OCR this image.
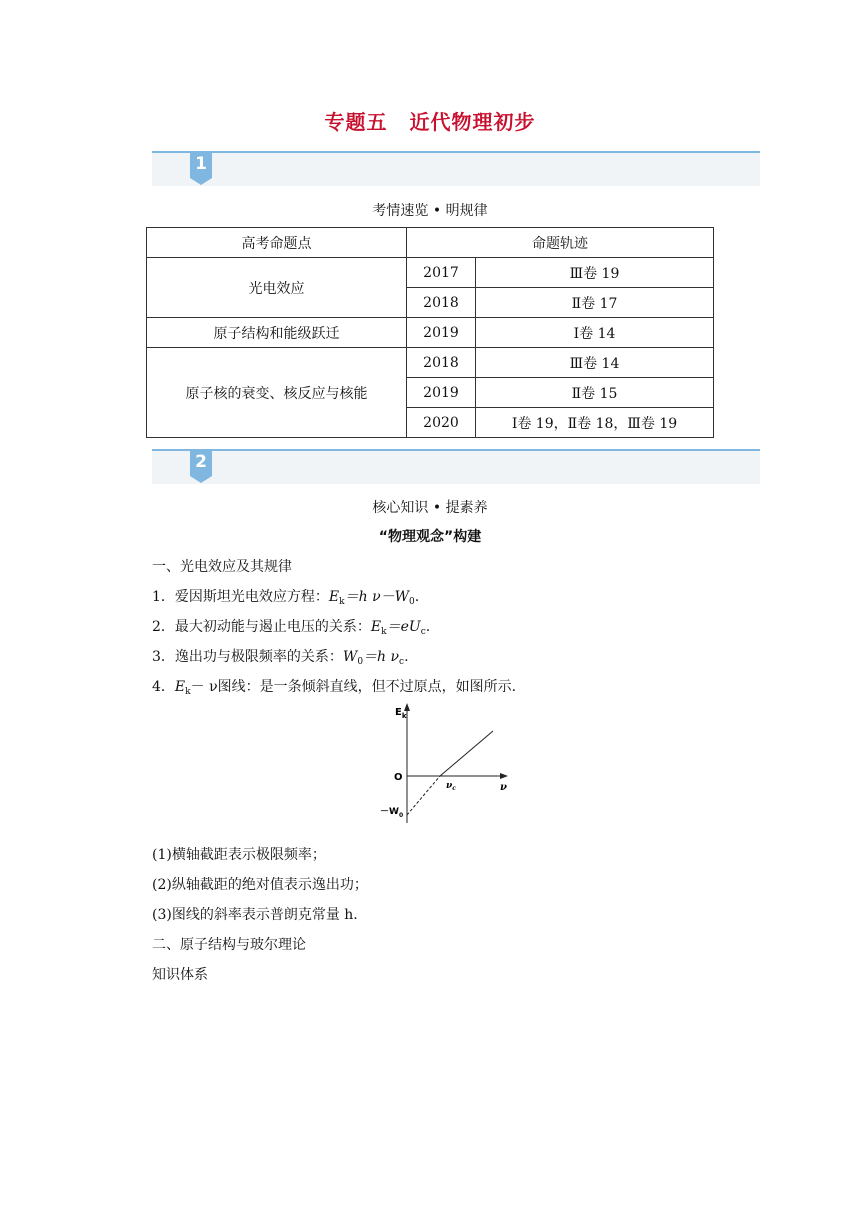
专题五 近代物理初步
1
考情速览 • 明规律
高考命题点	命题轨迹	
光电效应	2017	Ⅲ卷 19
	2018	Ⅱ卷 17
原子结构和能级跃迁	2019	Ⅰ卷 14
原子核的衰变、核反应与核能	2018	Ⅲ卷 14
	2019	Ⅱ卷 15
	2020	Ⅰ卷 19，Ⅱ卷 18，Ⅲ卷 19
2
核心知识 • 提素养
“物理观念”构建
一、光电效应及其规律
1．爱因斯坦光电效应方程：$E_k=h$ $\nu-W_0$.
2．最大初动能与遏止电压的关系：$E_k=eU_c$.
3．逸出功与极限频率的关系：$W_0=h$ $\nu_c$.
4．$E_k- \nu$图线：是一条倾斜直线，但不过原点，如图所示.
$E_k$
O
ν
$\nu_c$
$-W_0$
(1)横轴截距表示极限频率；
(2)纵轴截距的绝对值表示逸出功；
(3)图线的斜率表示普朗克常量 h.
二、原子结构与玻尔理论
知识体系
